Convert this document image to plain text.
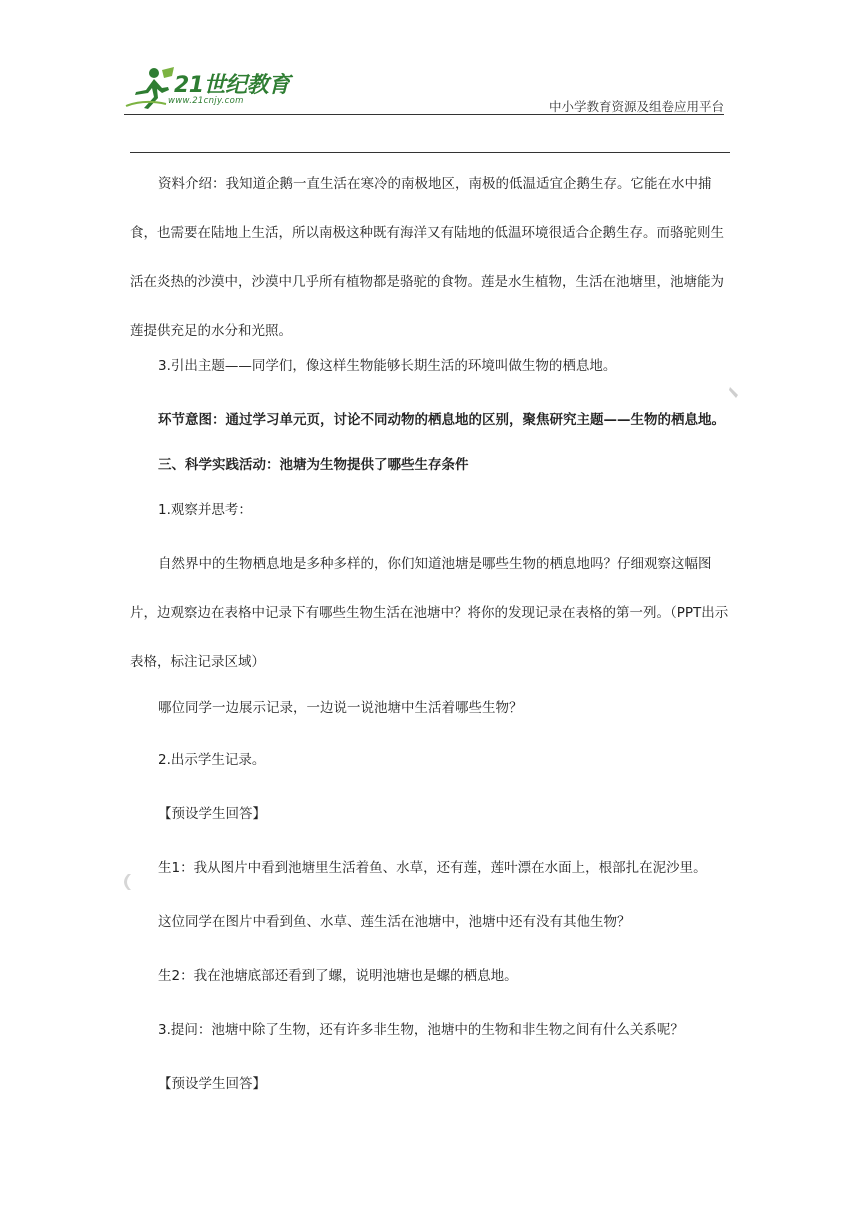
21世纪教育
www.21cnjy.com	中小学教育资源及组卷应用平台

资料介绍：我知道企鹅一直生活在寒冷的南极地区，南极的低温适宜企鹅生存。它能在水中捕食，也需要在陆地上生活，所以南极这种既有海洋又有陆地的低温环境很适合企鹅生存。而骆驼则生活在炎热的沙漠中，沙漠中几乎所有植物都是骆驼的食物。莲是水生植物，生活在池塘里，池塘能为莲提供充足的水分和光照。

3.引出主题——同学们，像这样生物能够长期生活的环境叫做生物的栖息地。

环节意图：通过学习单元页，讨论不同动物的栖息地的区别，聚焦研究主题——生物的栖息地。

三、科学实践活动：池塘为生物提供了哪些生存条件

1.观察并思考：

自然界中的生物栖息地是多种多样的，你们知道池塘是哪些生物的栖息地吗？仔细观察这幅图片，边观察边在表格中记录下有哪些生物生活在池塘中？将你的发现记录在表格的第一列。（PPT出示表格，标注记录区域）

哪位同学一边展示记录，一边说一说池塘中生活着哪些生物？

2.出示学生记录。

【预设学生回答】

生1：我从图片中看到池塘里生活着鱼、水草，还有莲，莲叶漂在水面上，根部扎在泥沙里。

这位同学在图片中看到鱼、水草、莲生活在池塘中，池塘中还有没有其他生物？

生2：我在池塘底部还看到了螺，说明池塘也是螺的栖息地。

3.提问：池塘中除了生物，还有许多非生物，池塘中的生物和非生物之间有什么关系呢？

【预设学生回答】
